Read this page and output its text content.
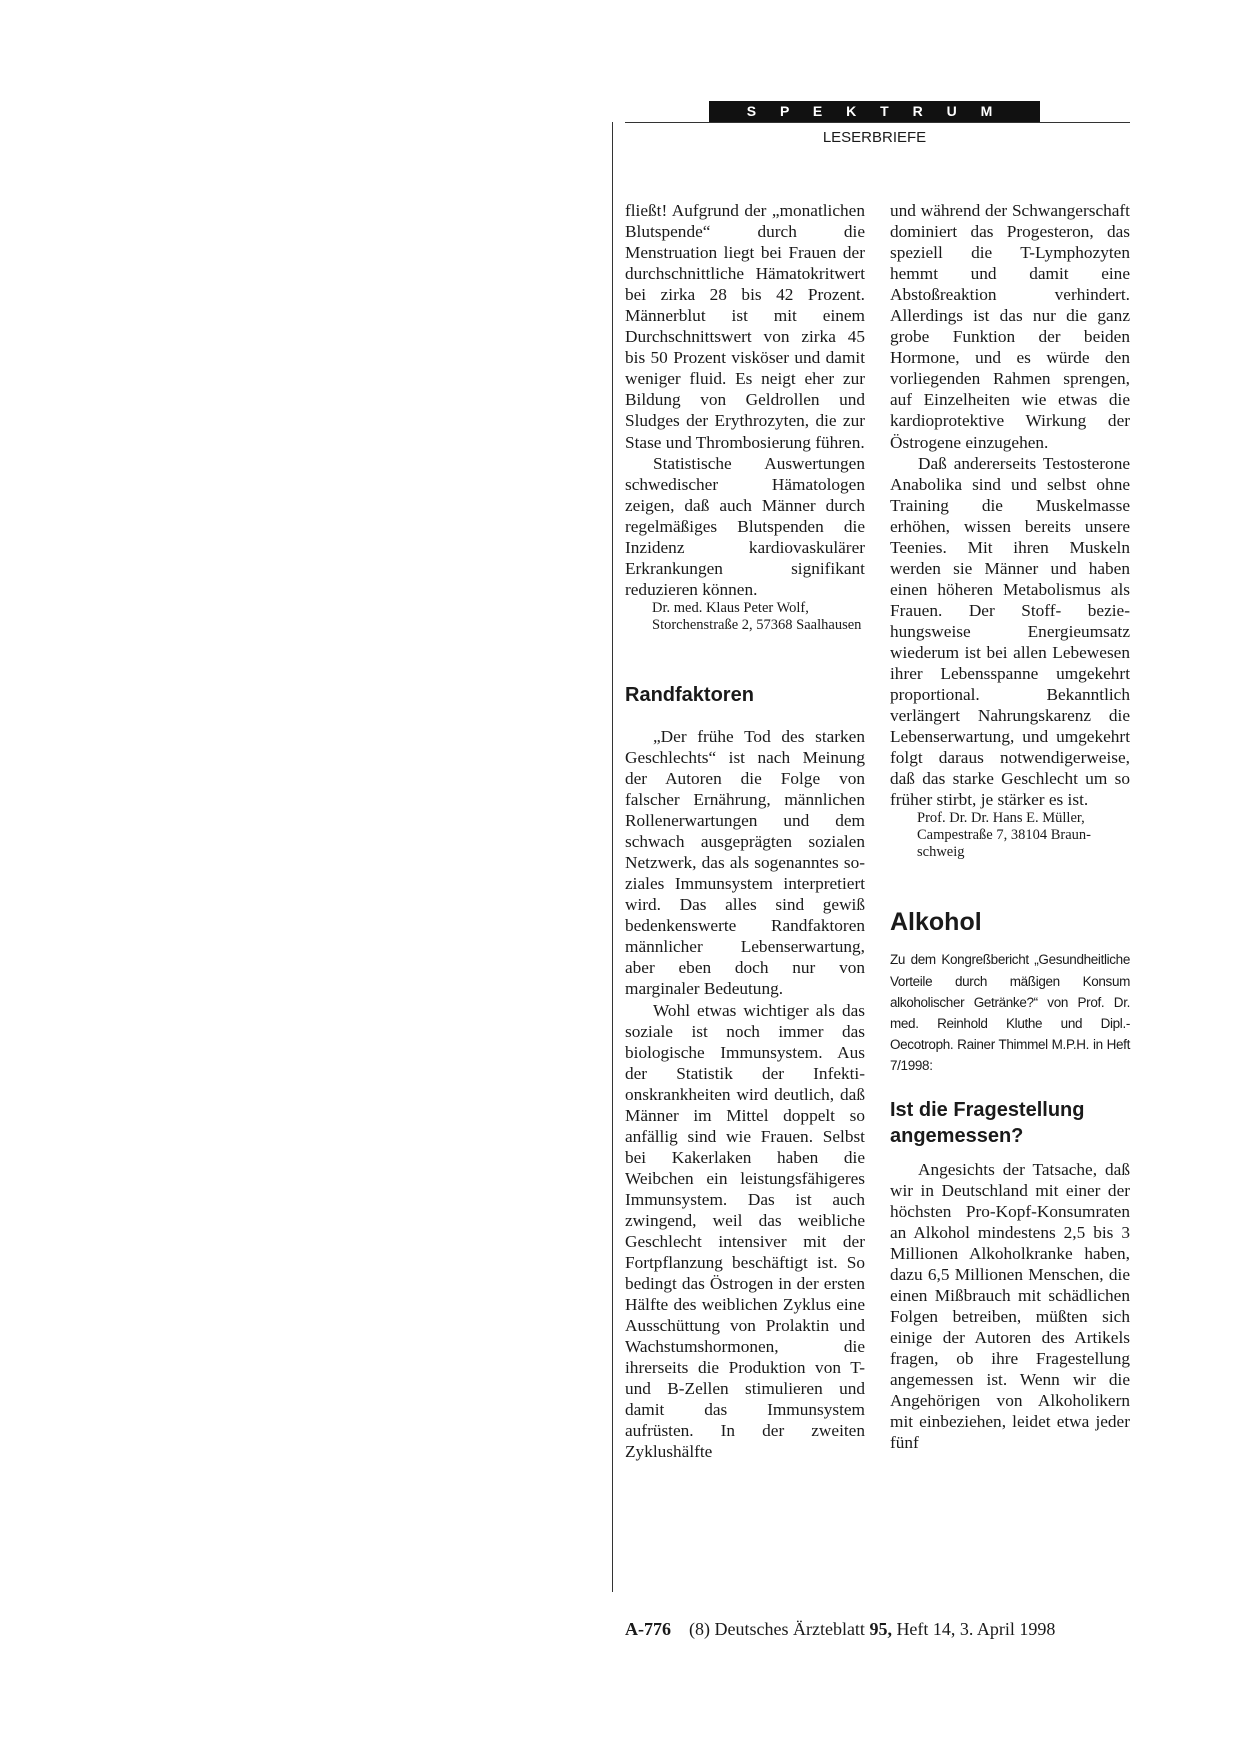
S P E K T R U M
LESERBRIEFE

fließt! Aufgrund der „monatlichen Blutspende“ durch die Menstruation liegt bei Frauen der durchschnittliche Hämatokritwert bei zirka 28 bis 42 Prozent. Männerblut ist mit einem Durchschnittswert von zirka 45 bis 50 Prozent visköser und damit weniger fluid. Es neigt eher zur Bildung von Geldrollen und Sludges der Erythrozyten, die zur Stase und Thrombosierung führen.

Statistische Auswertungen schwedischer Hämatologen zeigen, daß auch Männer durch regelmäßiges Blutspenden die Inzidenz kardiovaskulärer Erkrankungen signifikant reduzieren können.

Dr. med. Klaus Peter Wolf, Storchenstraße 2, 57368 Saalhausen

Randfaktoren

„Der frühe Tod des starken Geschlechts“ ist nach Meinung der Autoren die Folge von falscher Ernährung, männlichen Rollenerwartungen und dem schwach ausgeprägten sozialen Netzwerk, das als sogenanntes soziales Immunsystem interpretiert wird. Das alles sind gewiß bedenkenswerte Randfaktoren männlicher Lebenserwartung, aber eben doch nur von marginaler Bedeutung.

Wohl etwas wichtiger als das soziale ist noch immer das biologische Immunsystem. Aus der Statistik der Infektionskrankheiten wird deutlich, daß Männer im Mittel doppelt so anfällig sind wie Frauen. Selbst bei Kakerlaken haben die Weibchen ein leistungsfähigeres Immunsystem. Das ist auch zwingend, weil das weibliche Geschlecht intensiver mit der Fortpflanzung beschäftigt ist. So bedingt das Östrogen in der ersten Hälfte des weiblichen Zyklus eine Ausschüttung von Prolaktin und Wachstumshormonen, die ihrerseits die Produktion von T- und B-Zellen stimulieren und damit das Immunsystem aufrüsten. In der zweiten Zyklushälfte

und während der Schwangerschaft dominiert das Progesteron, das speziell die T-Lymphozyten hemmt und damit eine Abstoßreaktion verhindert. Allerdings ist das nur die ganz grobe Funktion der beiden Hormone, und es würde den vorliegenden Rahmen sprengen, auf Einzelheiten wie etwas die kardioprotektive Wirkung der Östrogene einzugehen.

Daß andererseits Testosterone Anabolika sind und selbst ohne Training die Muskelmasse erhöhen, wissen bereits unsere Teenies. Mit ihren Muskeln werden sie Männer und haben einen höheren Metabolismus als Frauen. Der Stoff- beziehungsweise Energieumsatz wiederum ist bei allen Lebewesen ihrer Lebensspanne umgekehrt proportional. Bekanntlich verlängert Nahrungskarenz die Lebenserwartung, und umgekehrt folgt daraus notwendigerweise, daß das starke Geschlecht um so früher stirbt, je stärker es ist.

Prof. Dr. Dr. Hans E. Müller, Campestraße 7, 38104 Braunschweig

Alkohol

Zu dem Kongreßbericht „Gesundheitliche Vorteile durch mäßigen Konsum alkoholischer Getränke?“ von Prof. Dr. med. Reinhold Kluthe und Dipl.-Oecotroph. Rainer Thimmel M.P.H. in Heft 7/1998:

Ist die Fragestellung angemessen?

Angesichts der Tatsache, daß wir in Deutschland mit einer der höchsten Pro-Kopf-Konsumraten an Alkohol mindestens 2,5 bis 3 Millionen Alkoholkranke haben, dazu 6,5 Millionen Menschen, die einen Mißbrauch mit schädlichen Folgen betreiben, müßten sich einige der Autoren des Artikels fragen, ob ihre Fragestellung angemessen ist. Wenn wir die Angehörigen von Alkoholikern mit einbeziehen, leidet etwa jeder fünf

A-776 (8) Deutsches Ärzteblatt 95, Heft 14, 3. April 1998
